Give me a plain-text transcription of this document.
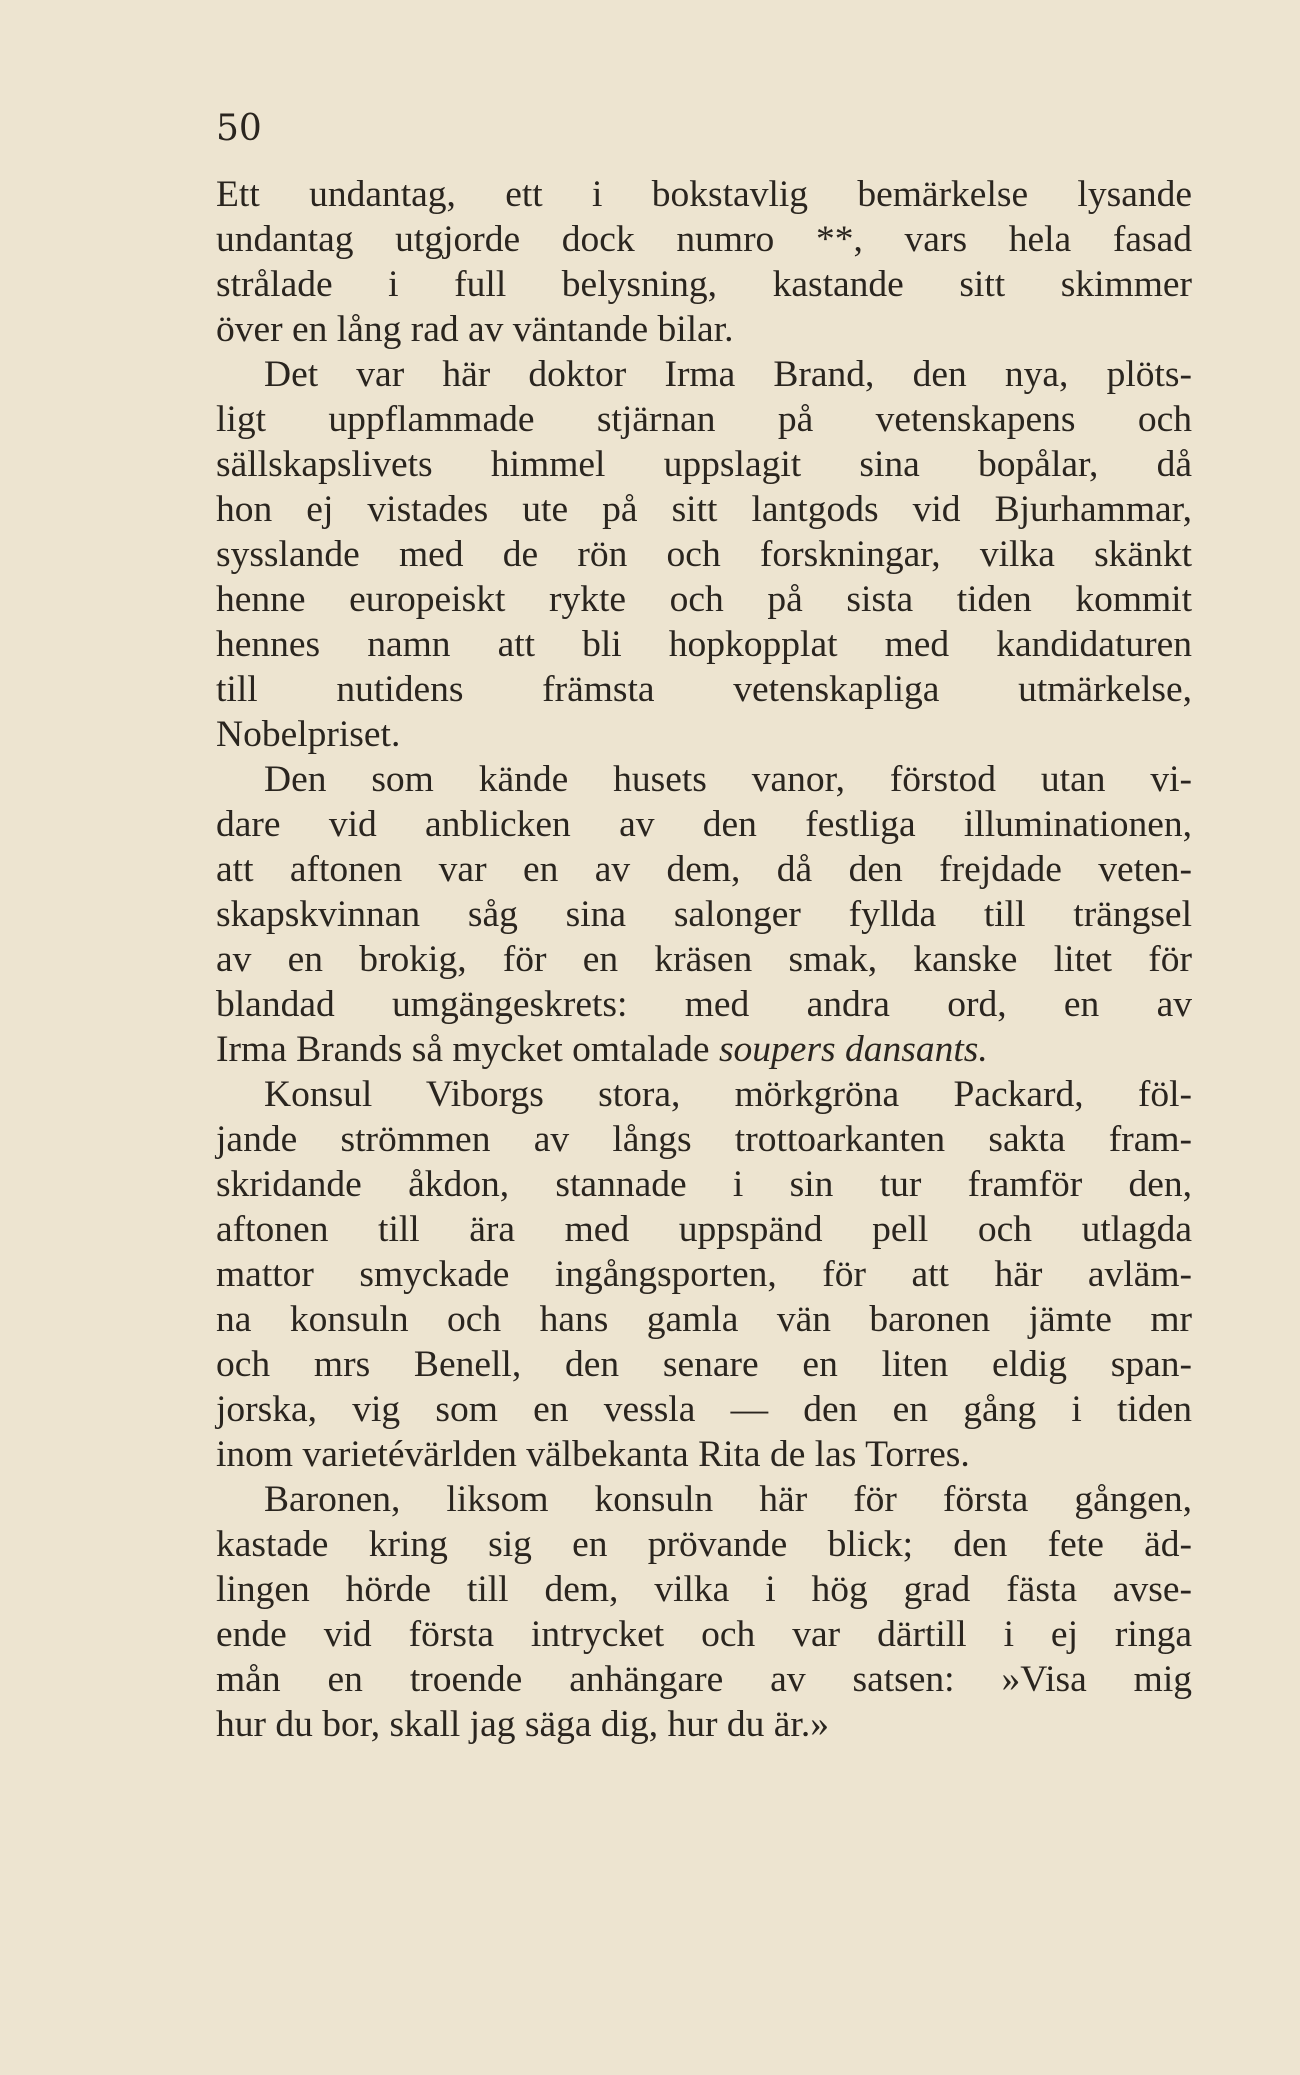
50

Ett undantag, ett i bokstavlig bemärkelse lysande
undantag utgjorde dock numro **, vars hela fasad
strålade i full belysning, kastande sitt skimmer
över en lång rad av väntande bilar.
Det var här doktor Irma Brand, den nya, plöts-
ligt uppflammade stjärnan på vetenskapens och
sällskapslivets himmel uppslagit sina bopålar, då
hon ej vistades ute på sitt lantgods vid Bjurhammar,
sysslande med de rön och forskningar, vilka skänkt
henne europeiskt rykte och på sista tiden kommit
hennes namn att bli hopkopplat med kandidaturen
till nutidens främsta vetenskapliga utmärkelse,
Nobelpriset.
Den som kände husets vanor, förstod utan vi-
dare vid anblicken av den festliga illuminationen,
att aftonen var en av dem, då den frejdade veten-
skapskvinnan såg sina salonger fyllda till trängsel
av en brokig, för en kräsen smak, kanske litet för
blandad umgängeskrets: med andra ord, en av
Irma Brands så mycket omtalade soupers dansants.
Konsul Viborgs stora, mörkgröna Packard, föl-
jande strömmen av långs trottoarkanten sakta fram-
skridande åkdon, stannade i sin tur framför den,
aftonen till ära med uppspänd pell och utlagda
mattor smyckade ingångsporten, för att här avläm-
na konsuln och hans gamla vän baronen jämte mr
och mrs Benell, den senare en liten eldig span-
jorska, vig som en vessla — den en gång i tiden
inom varietévärlden välbekanta Rita de las Torres.
Baronen, liksom konsuln här för första gången,
kastade kring sig en prövande blick; den fete äd-
lingen hörde till dem, vilka i hög grad fästa avse-
ende vid första intrycket och var därtill i ej ringa
mån en troende anhängare av satsen: »Visa mig
hur du bor, skall jag säga dig, hur du är.»
